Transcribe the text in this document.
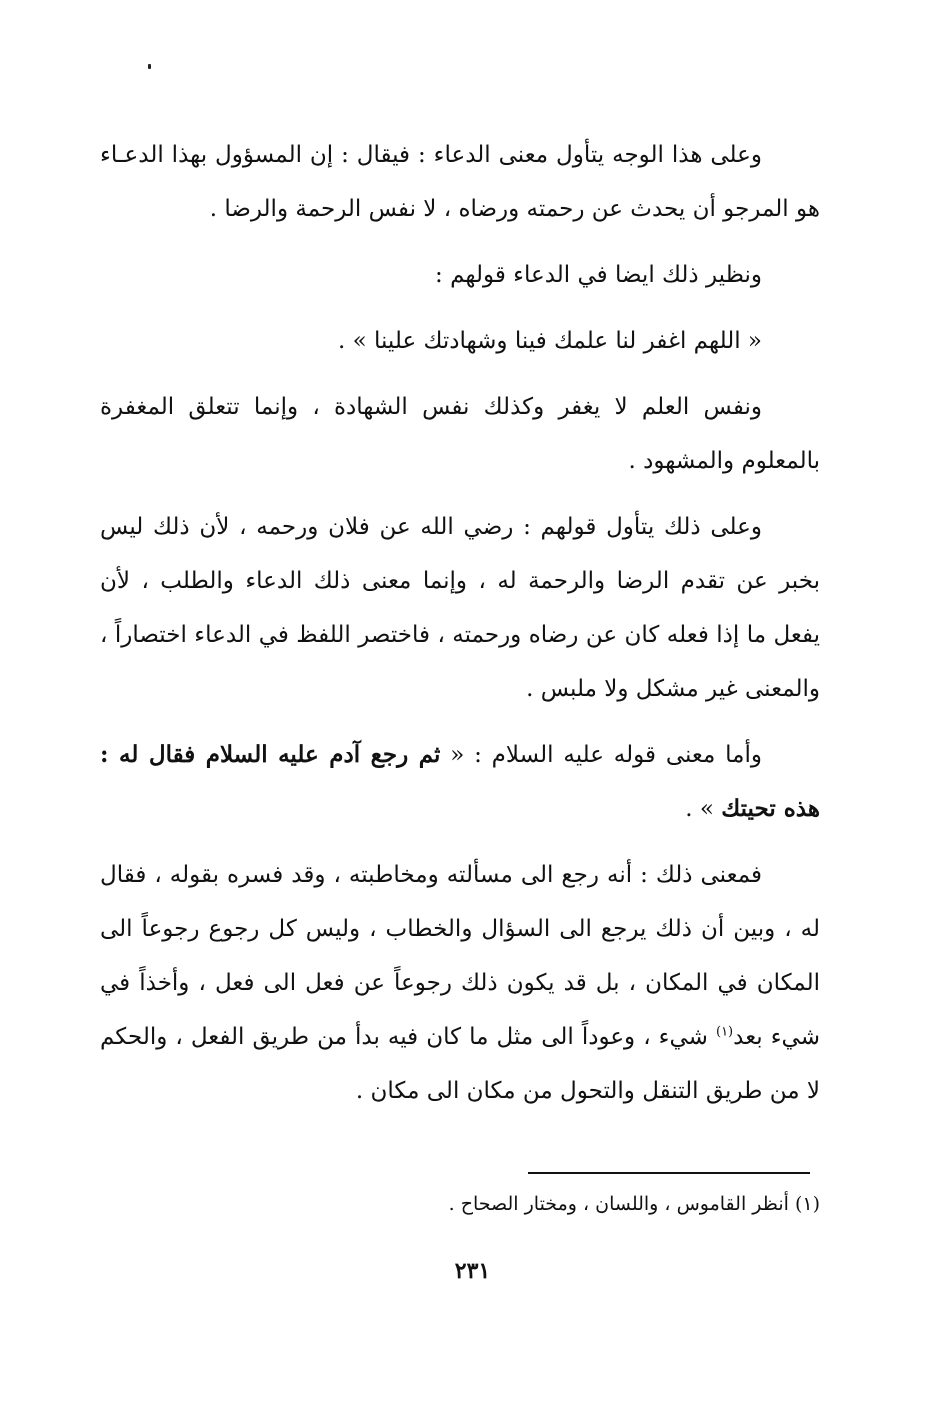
وعلى هذا الوجه يتأول معنى الدعاء : فيقال : إن المسؤول بهذا الدعـاء هو المرجو أن يحدث عن رحمته ورضاه ، لا نفس الرحمة والرضا .

ونظير ذلك ايضا في الدعاء قولهم :

« اللهم اغفر لنا علمك فينا وشهادتك علينا » .

ونفس العلم لا يغفر وكذلك نفس الشهادة ، وإنما تتعلق المغفرة بالمعلوم والمشهود .

وعلى ذلك يتأول قولهم : رضي الله عن فلان ورحمه ، لأن ذلك ليس بخبر عن تقدم الرضا والرحمة له ، وإنما معنى ذلك الدعاء والطلب ، لأن يفعل ما إذا فعله كان عن رضاه ورحمته ، فاختصر اللفظ في الدعاء اختصاراً ، والمعنى غير مشكل ولا ملبس .

وأما معنى قوله عليه السلام : « ثم رجع آدم عليه السلام فقال له : هذه تحيتك » .

فمعنى ذلك : أنه رجع الى مسألته ومخاطبته ، وقد فسره بقوله ، فقال له ، وبين أن ذلك يرجع الى السؤال والخطاب ، وليس كل رجوع رجوعاً الى المكان في المكان ، بل قد يكون ذلك رجوعاً عن فعل الى فعل ، وأخذاً في شيء بعد$^{(١)}$ شيء ، وعوداً الى مثل ما كان فيه بدأ من طريق الفعل ، والحكم لا من طريق التنقل والتحول من مكان الى مكان .

(١) أنظر القاموس ، واللسان ، ومختار الصحاح .

٢٣١
